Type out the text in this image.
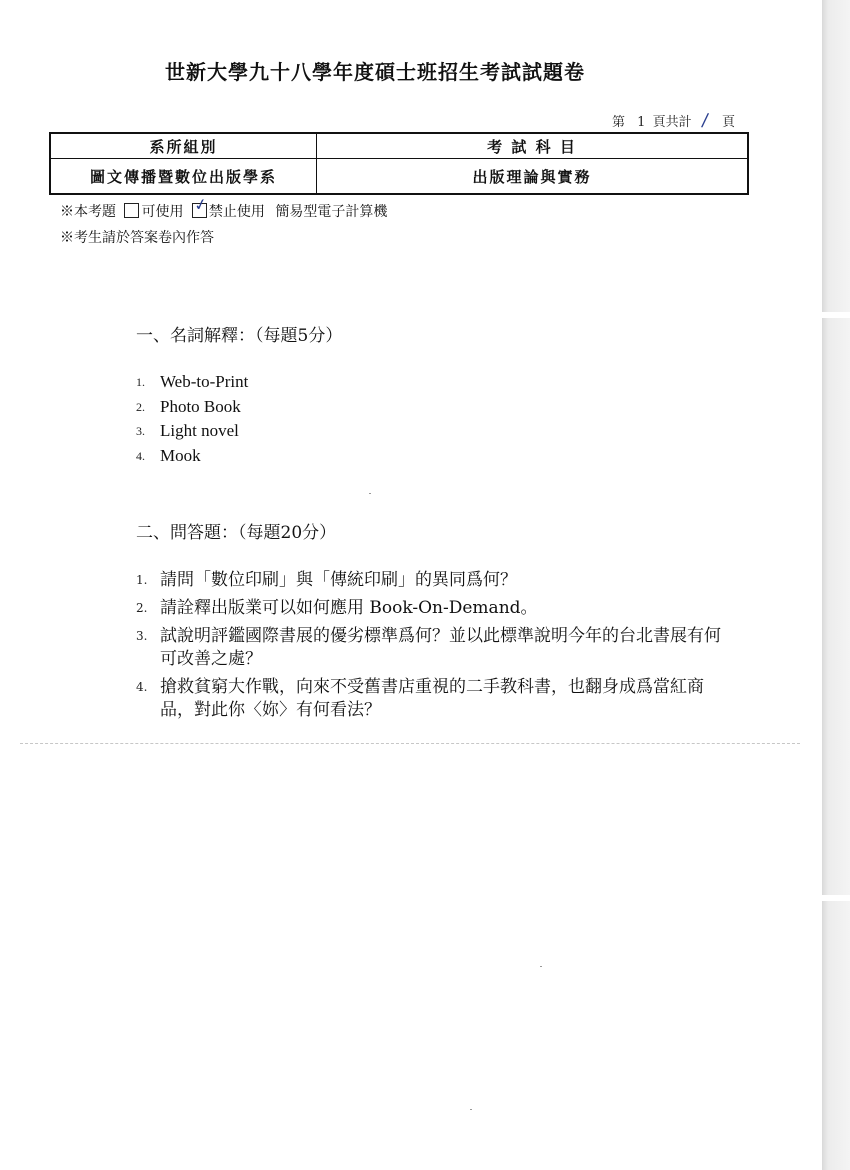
世新大學九十八學年度碩士班招生考試試題卷
第 1 頁共計 / 頁
系所組別	考 試 科 目
圖文傳播暨數位出版學系	出版理論與實務
※本考題 可使用 ✓ 禁止使用 簡易型電子計算機
※考生請於答案卷內作答
一、名詞解釋：（每題5分）
1. Web-to-Print
2. Photo Book
3. Light novel
4. Mook
二、問答題：（每題20分）
1. 請問「數位印刷」與「傳統印刷」的異同爲何？
2. 請詮釋出版業可以如何應用 Book-On-Demand。
3. 試說明評鑑國際書展的優劣標準爲何？並以此標準說明今年的台北書展有何可改善之處？
4. 搶救貧窮大作戰，向來不受舊書店重視的二手教科書，也翻身成爲當紅商品，對此你〈妳〉有何看法？
